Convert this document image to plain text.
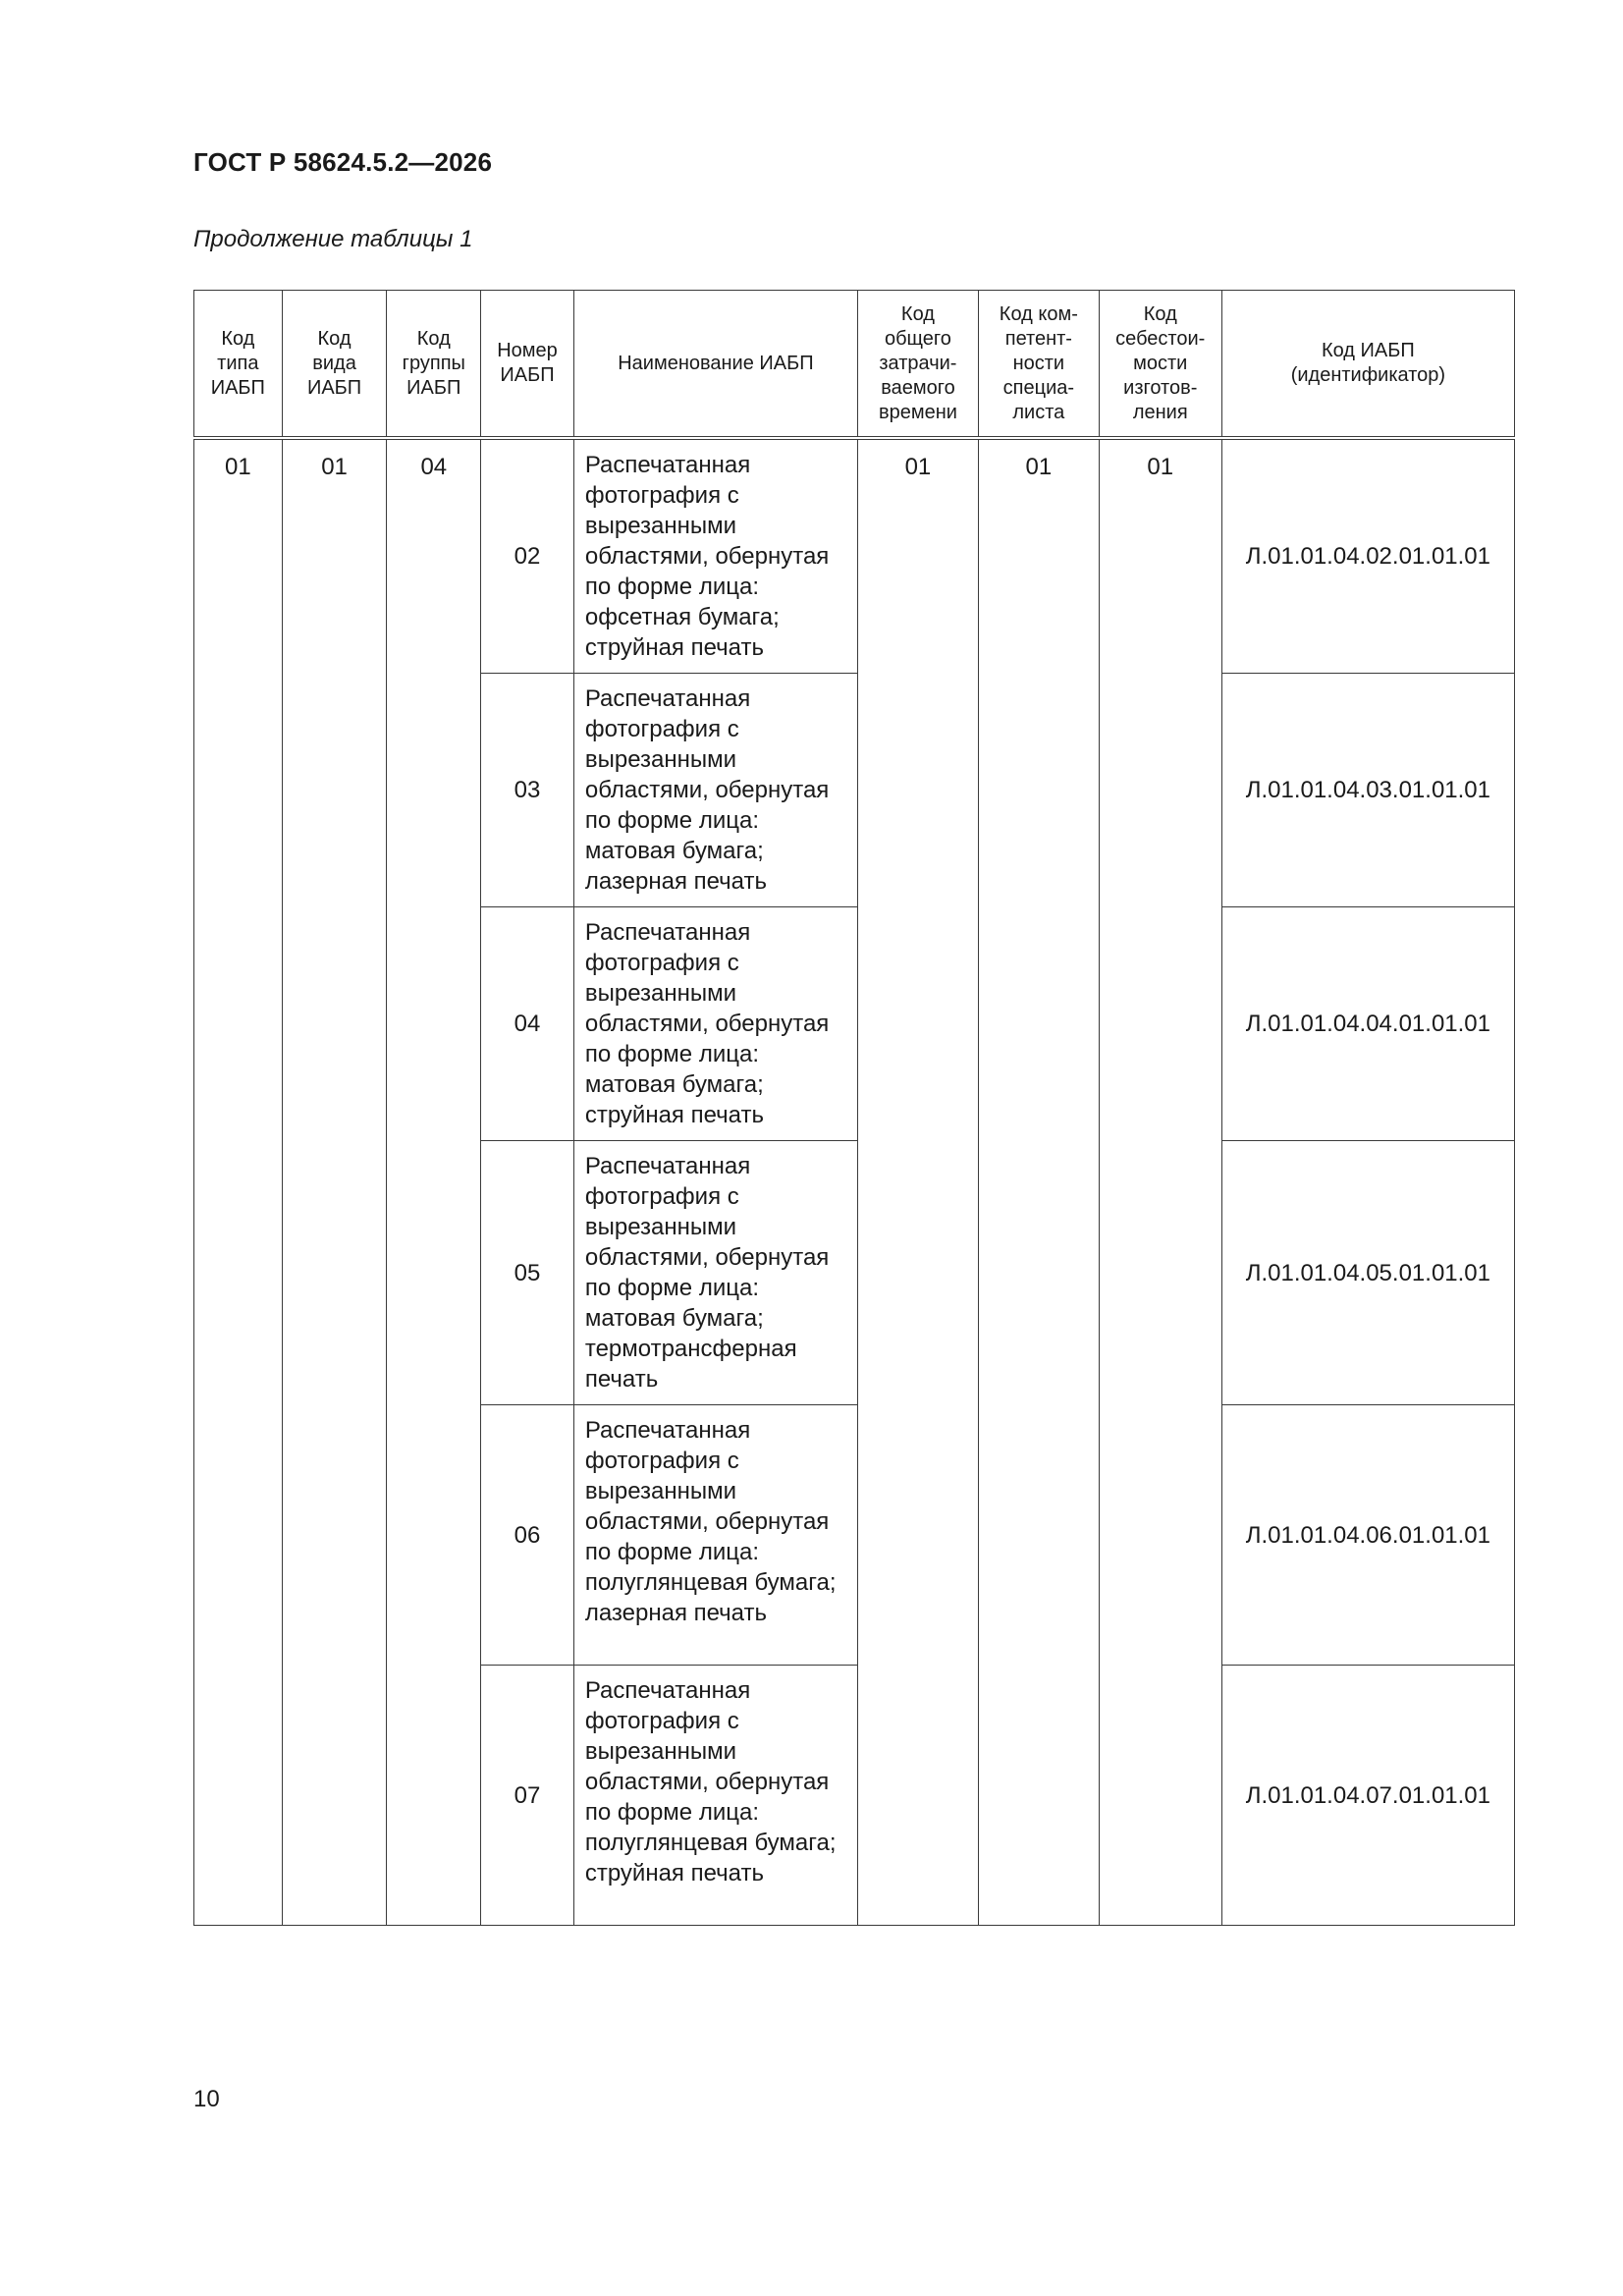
ГОСТ Р 58624.5.2—2026
Продолжение таблицы 1
Код
типа
ИАБП	Код
вида
ИАБП	Код
группы
ИАБП	Номер
ИАБП	Наименование ИАБП	Код
общего
затрачи-
ваемого
времени	Код ком-
петент-
ности
специа-
листа	Код
себестои-
мости
изготов-
ления	Код ИАБП
(идентификатор)
01	01	04	02	Распечатанная фотография с вырезанными областями, обернутая по форме лица: офсетная бумага; струйная печать	01	01	01	Л.01.01.04.02.01.01.01
			03	Распечатанная фотография с вырезанными областями, обернутая по форме лица: матовая бумага; лазерная печать				Л.01.01.04.03.01.01.01
			04	Распечатанная фотография с вырезанными областями, обернутая по форме лица: матовая бумага; струйная печать				Л.01.01.04.04.01.01.01
			05	Распечатанная фотография с вырезанными областями, обернутая по форме лица: матовая бумага; термотрансферная печать				Л.01.01.04.05.01.01.01
			06	Распечатанная фотография с вырезанными областями, обернутая по форме лица: полуглянцевая бумага; лазерная печать				Л.01.01.04.06.01.01.01
			07	Распечатанная фотография с вырезанными областями, обернутая по форме лица: полуглянцевая бумага; струйная печать				Л.01.01.04.07.01.01.01
10
